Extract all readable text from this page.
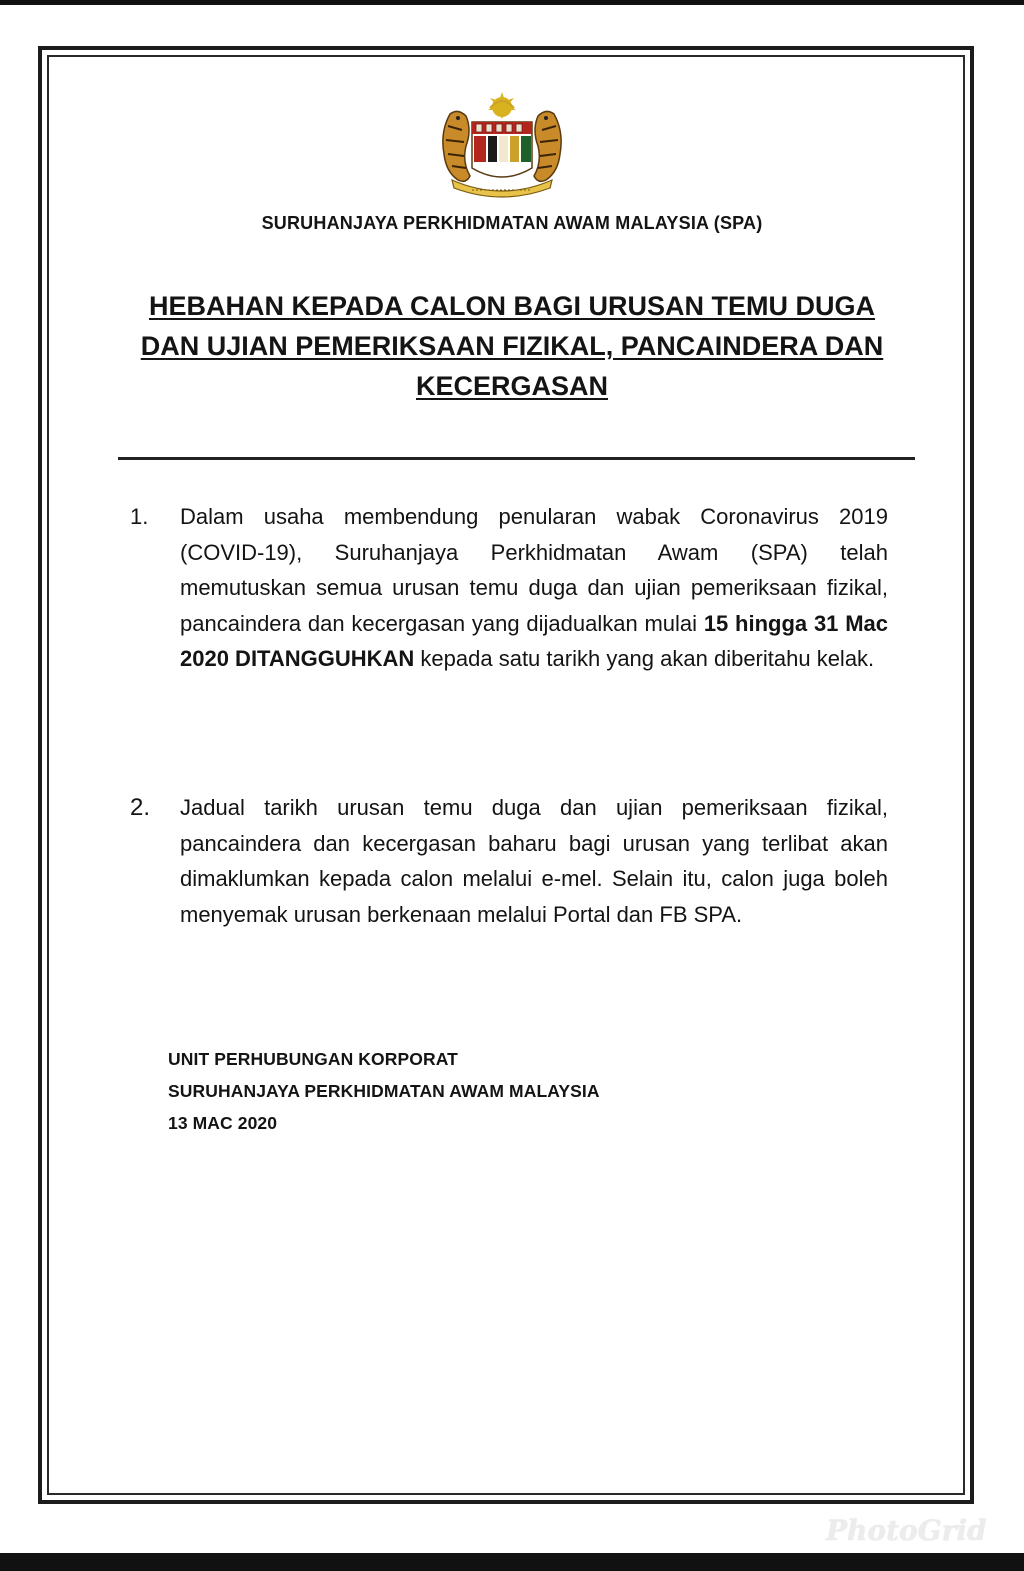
SURUHANJAYA PERKHIDMATAN AWAM MALAYSIA (SPA)
HEBAHAN KEPADA CALON BAGI URUSAN TEMU DUGA
DAN UJIAN PEMERIKSAAN FIZIKAL, PANCAINDERA DAN
KECERGASAN
1. Dalam usaha membendung penularan wabak Coronavirus 2019 (COVID-19), Suruhanjaya Perkhidmatan Awam (SPA) telah memutuskan semua urusan temu duga dan ujian pemeriksaan fizikal, pancaindera dan kecergasan yang dijadualkan mulai 15 hingga 31 Mac 2020 DITANGGUHKAN kepada satu tarikh yang akan diberitahu kelak.
2. Jadual tarikh urusan temu duga dan ujian pemeriksaan fizikal, pancaindera dan kecergasan baharu bagi urusan yang terlibat akan dimaklumkan kepada calon melalui e-mel. Selain itu, calon juga boleh menyemak urusan berkenaan melalui Portal dan FB SPA.
UNIT PERHUBUNGAN KORPORAT
SURUHANJAYA PERKHIDMATAN AWAM MALAYSIA
13 MAC 2020
PhotoGrid
